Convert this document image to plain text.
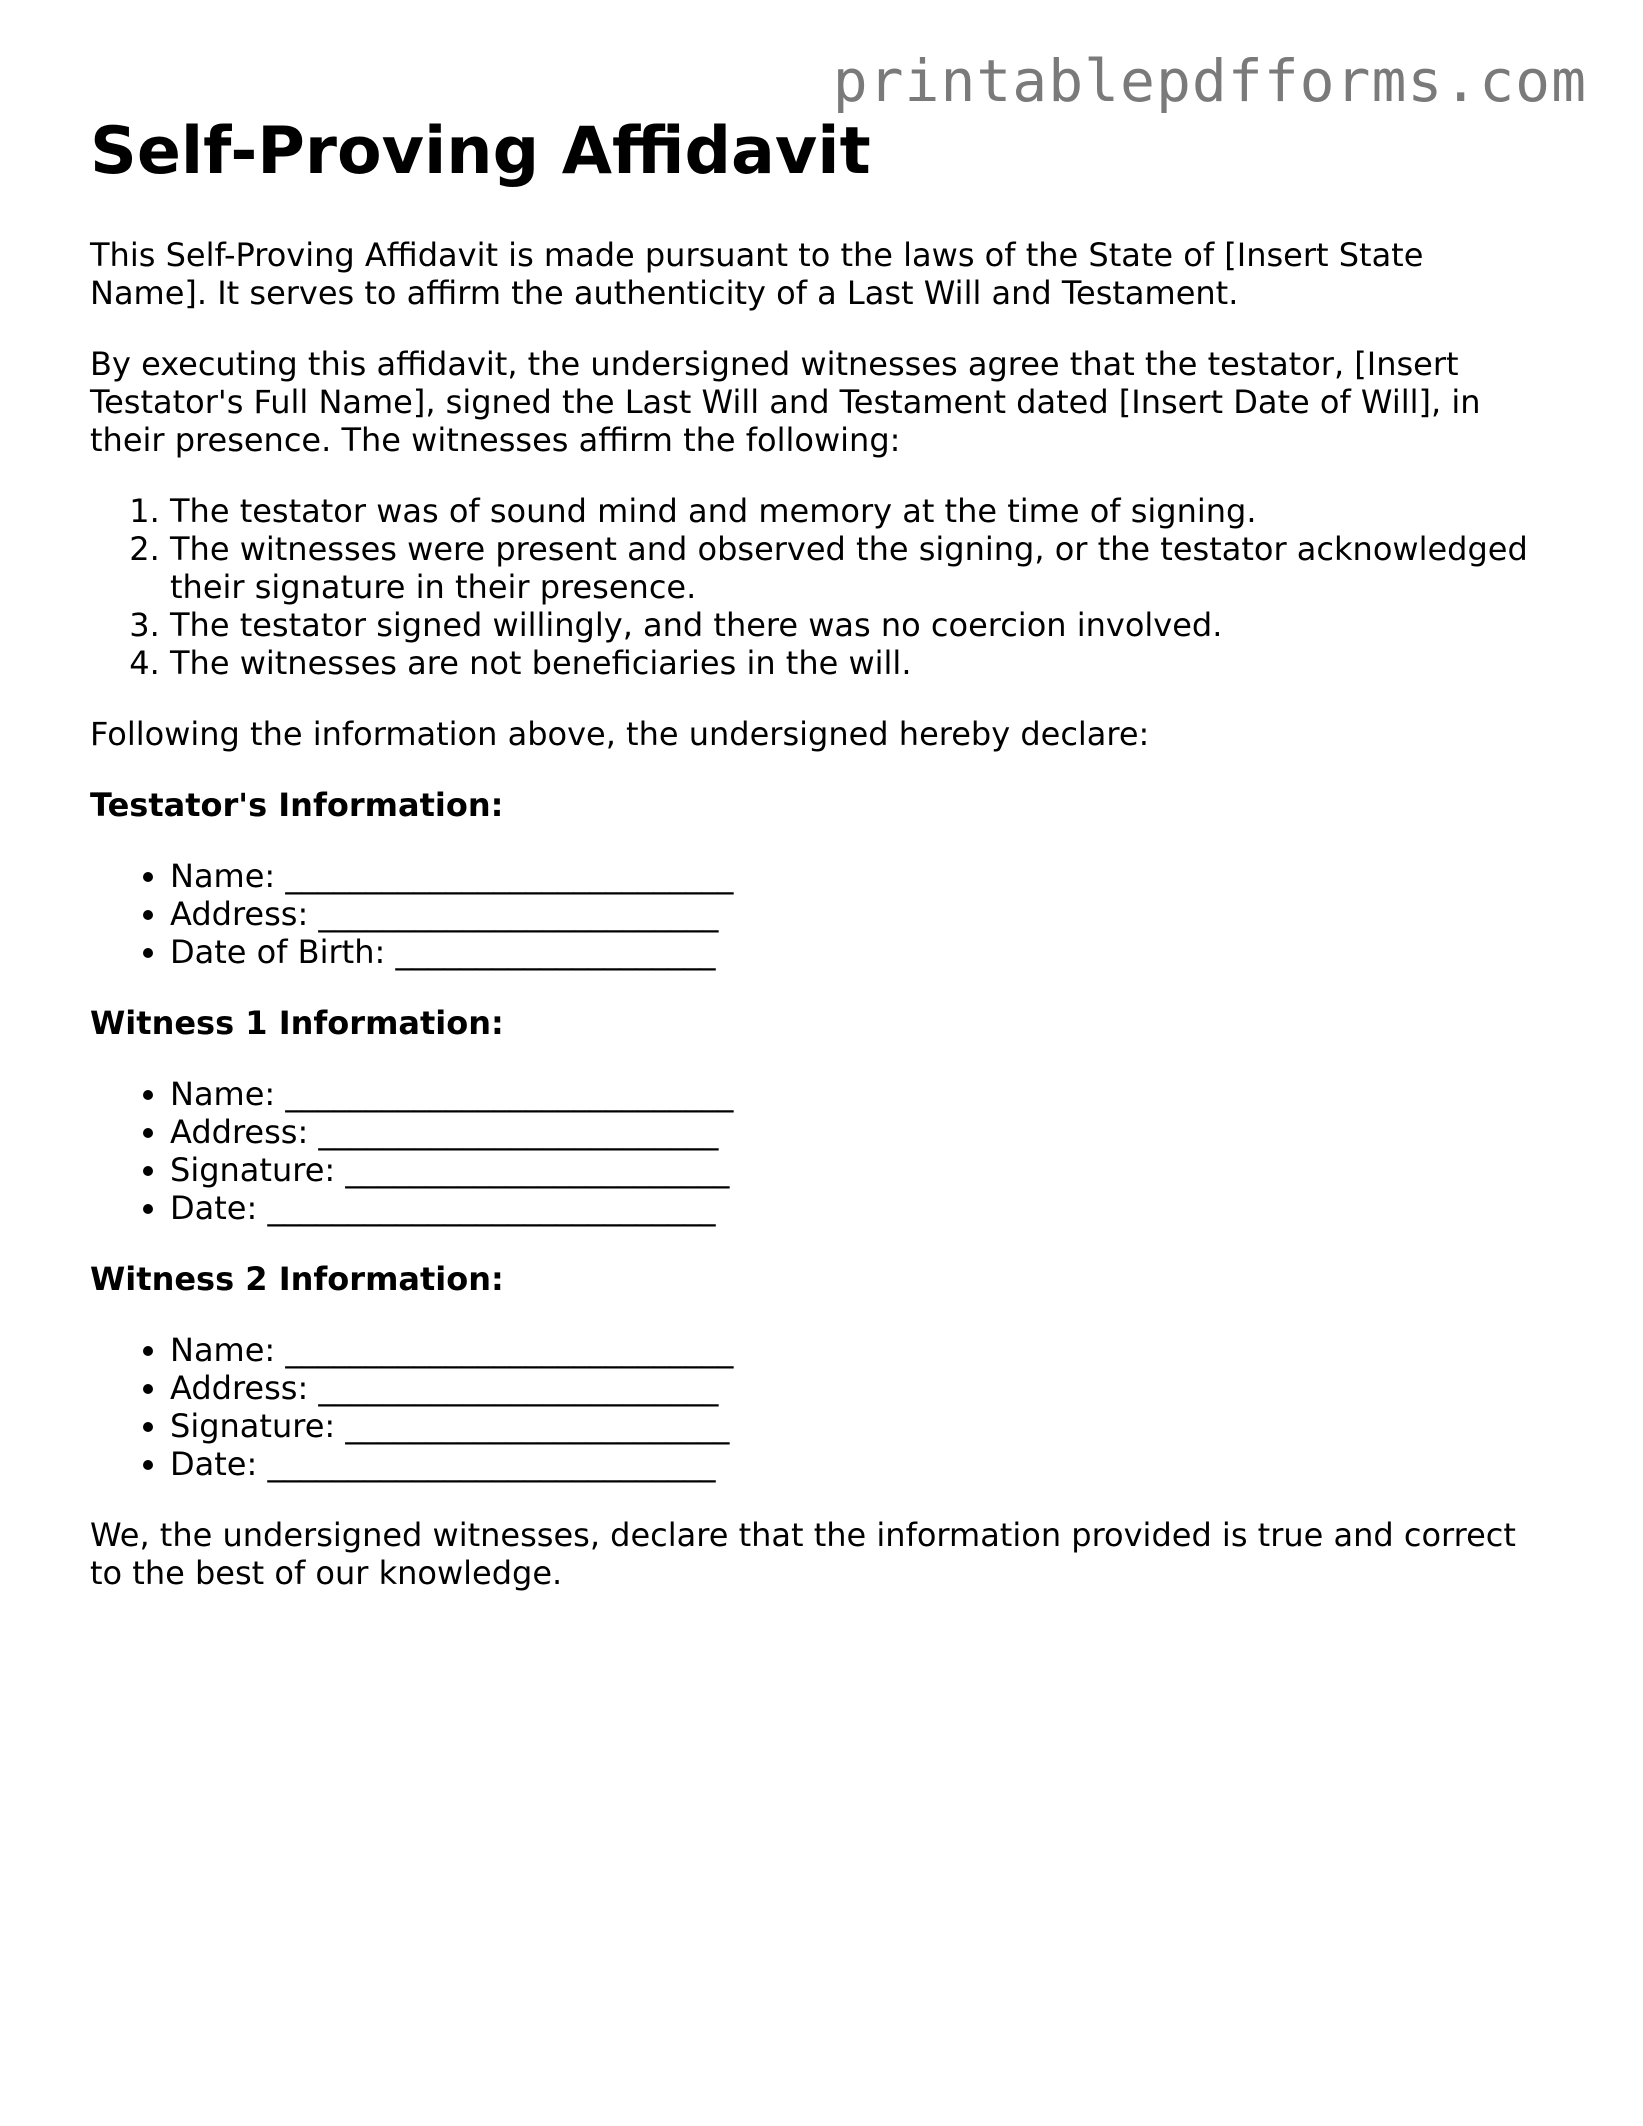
printablepdfforms.com
Self-Proving Affidavit

This Self-Proving Affidavit is made pursuant to the laws of the State of [Insert State Name]. It serves to affirm the authenticity of a Last Will and Testament.

By executing this affidavit, the undersigned witnesses agree that the testator, [Insert Testator's Full Name], signed the Last Will and Testament dated [Insert Date of Will], in their presence. The witnesses affirm the following:

1. The testator was of sound mind and memory at the time of signing.
2. The witnesses were present and observed the signing, or the testator acknowledged their signature in their presence.
3. The testator signed willingly, and there was no coercion involved.
4. The witnesses are not beneficiaries in the will.

Following the information above, the undersigned hereby declare:

Testator's Information:

• Name: ____________________________
• Address: _________________________
• Date of Birth: ____________________

Witness 1 Information:

• Name: ____________________________
• Address: _________________________
• Signature: ________________________
• Date: ____________________________

Witness 2 Information:

• Name: ____________________________
• Address: _________________________
• Signature: ________________________
• Date: ____________________________

We, the undersigned witnesses, declare that the information provided is true and correct to the best of our knowledge.
